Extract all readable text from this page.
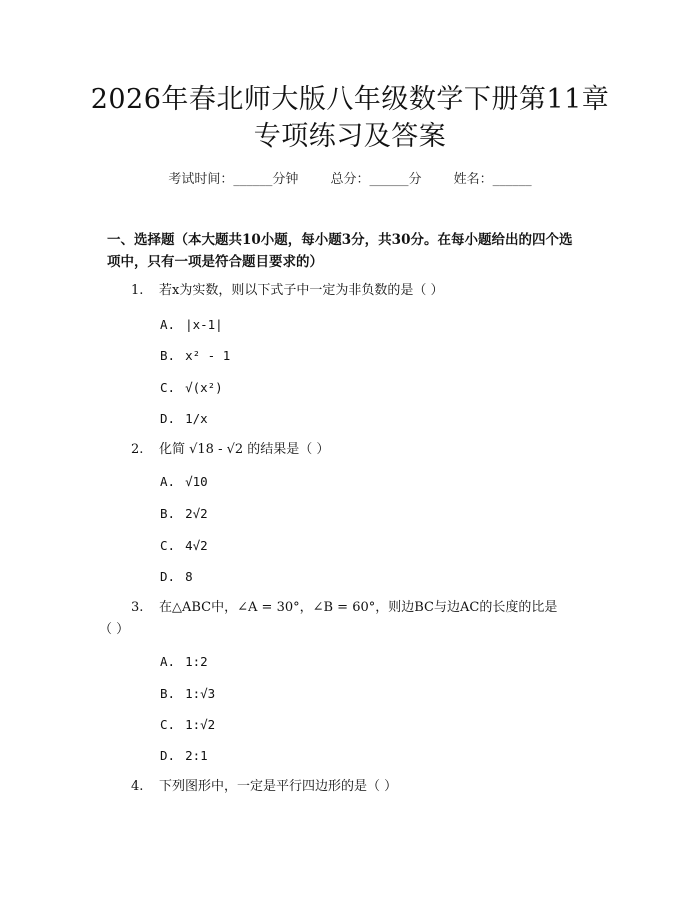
2026年春北师大版八年级数学下册第11章
专项练习及答案
考试时间：______分钟 总分：______分 姓名：______
一、选择题（本大题共10小题，每小题3分，共30分。在每小题给出的四个选
项中，只有一项是符合题目要求的）
1. 若x为实数，则以下式子中一定为非负数的是（ ）
A. |x-1|
B. x² - 1
C. √(x²)
D. 1/x
2. 化简 √18 - √2 的结果是（ ）
A. √10
B. 2√2
C. 4√2
D. 8
3. 在△ABC中，∠A = 30°，∠B = 60°，则边BC与边AC的长度的比是
（ ）
A. 1:2
B. 1:√3
C. 1:√2
D. 2:1
4. 下列图形中，一定是平行四边形的是（ ）
